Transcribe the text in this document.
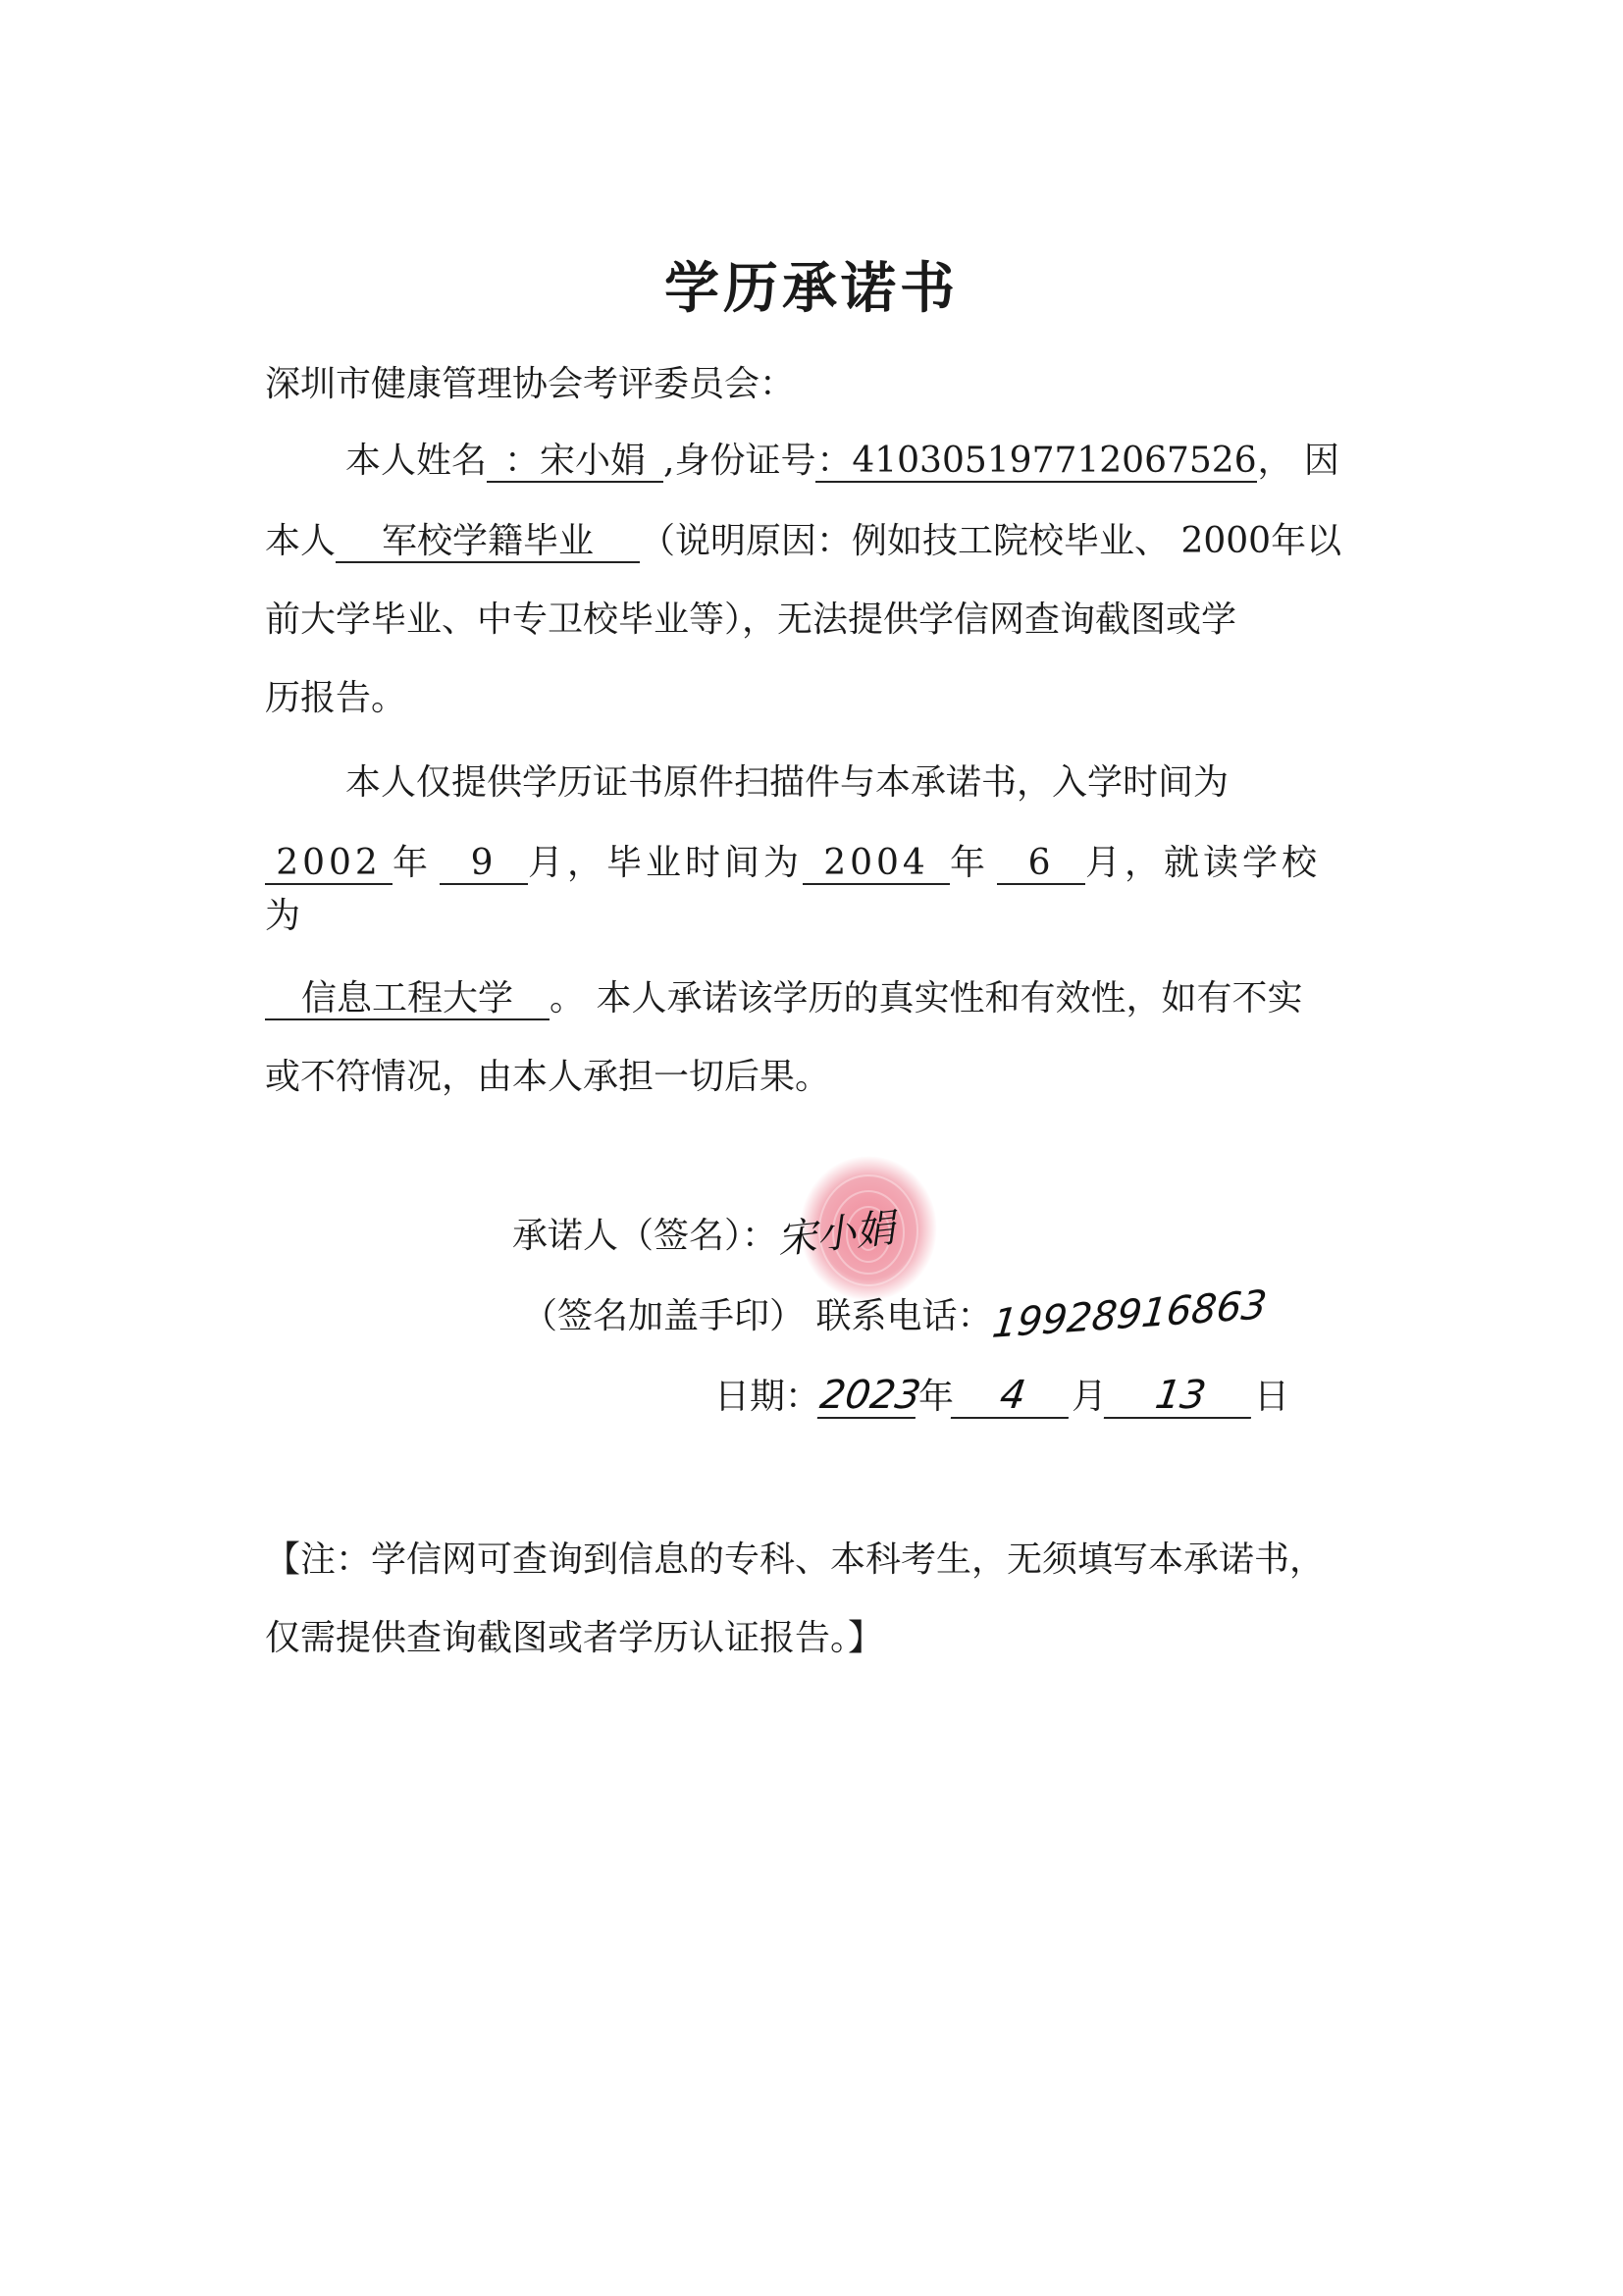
学历承诺书
深圳市健康管理协会考评委员会：
本人姓名 ：宋小娟 ,身份证号：410305197712067526， 因
本人 军校学籍毕业 （说明原因：例如技工院校毕业、 2000年以
前大学毕业、中专卫校毕业等），无法提供学信网查询截图或学
历报告。
本人仅提供学历证书原件扫描件与本承诺书，入学时间为
2002 年 9 月，毕业时间为 2004 年 6 月，就读学校
为
信息工程大学 。 本人承诺该学历的真实性和有效性，如有不实
或不符情况，由本人承担一切后果。
承诺人（签名）：宋小娟
（签名加盖手印） 联系电话：19928916863
日期：2023年 4 月 13 日
【注：学信网可查询到信息的专科、本科考生，无须填写本承诺书，
仅需提供查询截图或者学历认证报告。】
